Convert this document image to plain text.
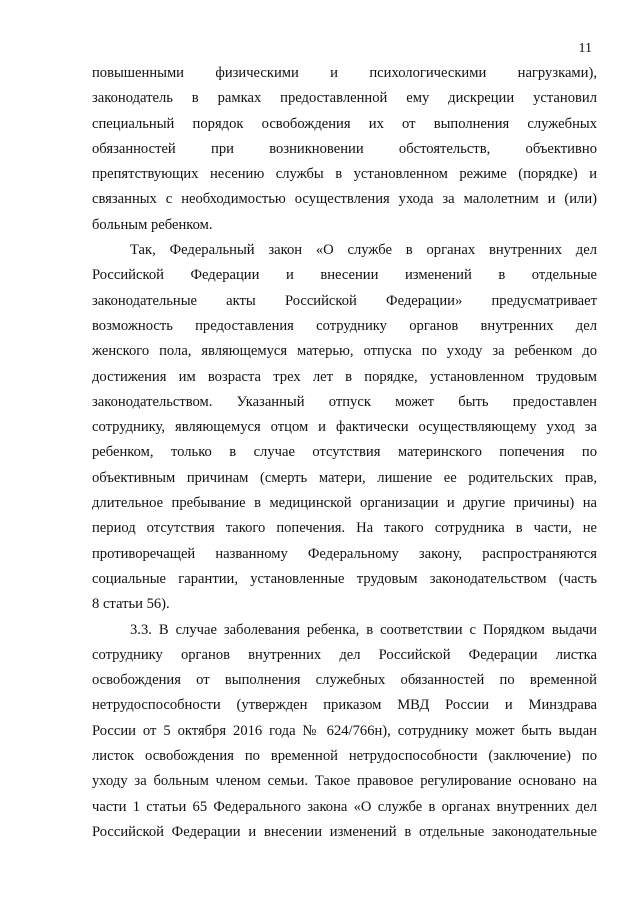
11
повышенными физическими и психологическими нагрузками),
законодатель в рамках предоставленной ему дискреции установил
специальный порядок освобождения их от выполнения служебных
обязанностей при возникновении обстоятельств, объективно
препятствующих несению службы в установленном режиме (порядке) и
связанных с необходимостью осуществления ухода за малолетним и (или)
больным ребенком.
Так, Федеральный закон «О службе в органах внутренних дел
Российской Федерации и внесении изменений в отдельные
законодательные акты Российской Федерации» предусматривает
возможность предоставления сотруднику органов внутренних дел
женского пола, являющемуся матерью, отпуска по уходу за ребенком до
достижения им возраста трех лет в порядке, установленном трудовым
законодательством. Указанный отпуск может быть предоставлен
сотруднику, являющемуся отцом и фактически осуществляющему уход за
ребенком, только в случае отсутствия материнского попечения по
объективным причинам (смерть матери, лишение ее родительских прав,
длительное пребывание в медицинской организации и другие причины) на
период отсутствия такого попечения. На такого сотрудника в части, не
противоречащей названному Федеральному закону, распространяются
социальные гарантии, установленные трудовым законодательством (часть
8 статьи 56).
3.3. В случае заболевания ребенка, в соответствии с Порядком выдачи
сотруднику органов внутренних дел Российской Федерации листка
освобождения от выполнения служебных обязанностей по временной
нетрудоспособности (утвержден приказом МВД России и Минздрава
России от 5 октября 2016 года № 624/766н), сотруднику может быть выдан
листок освобождения по временной нетрудоспособности (заключение) по
уходу за больным членом семьи. Такое правовое регулирование основано на
части 1 статьи 65 Федерального закона «О службе в органах внутренних дел
Российской Федерации и внесении изменений в отдельные законодательные
